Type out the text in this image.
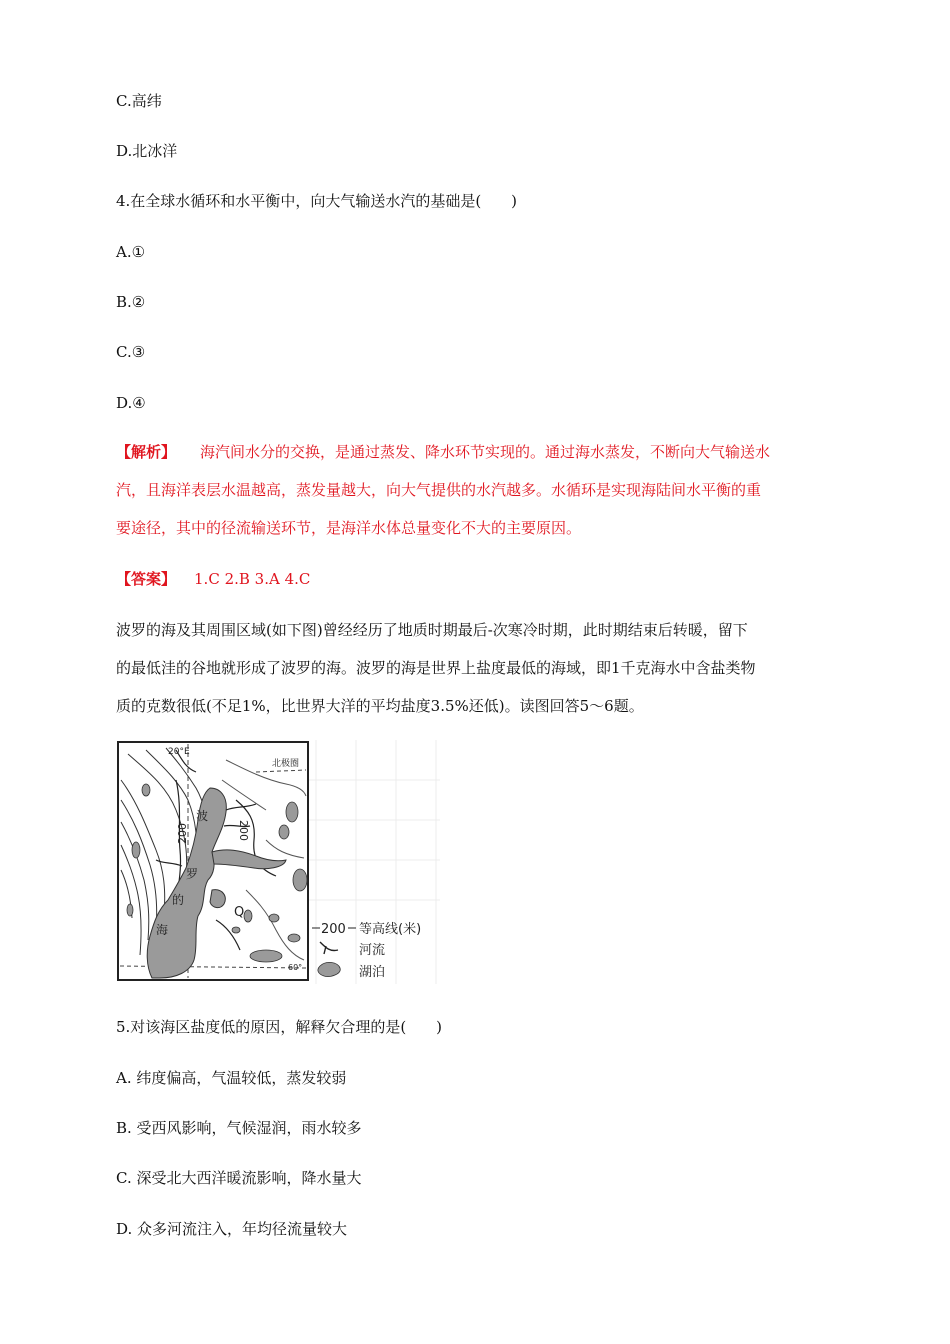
C.高纬
D.北冰洋
4.在全球水循环和水平衡中，向大气输送水汽的基础是(　　)
A.①
B.②
C.③
D.④
【解析】 海汽间水分的交换，是通过蒸发、降水环节实现的。通过海水蒸发，不断向大气输送水
汽，且海洋表层水温越高，蒸发量越大，向大气提供的水汽越多。水循环是实现海陆间水平衡的重
要途径，其中的径流输送环节，是海洋水体总量变化不大的主要原因。
【答案】 1.C 2.B 3.A 4.C
波罗的海及其周围区域(如下图)曾经经历了地质时期最后-次寒冷时期，此时期结束后转暖，留下
的最低洼的谷地就形成了波罗的海。波罗的海是世界上盐度最低的海域，即1千克海水中含盐类物
质的克数很低(不足1%，比世界大洋的平均盐度3.5%还低)。读图回答5～6题。
20°E
北极圈
200	200
波
罗
的
海
Q
60°
200 等高线(米)
河流
湖泊
5.对该海区盐度低的原因，解释欠合理的是(　　)
A. 纬度偏高，气温较低，蒸发较弱
B. 受西风影响，气候湿润，雨水较多
C. 深受北大西洋暖流影响，降水量大
D. 众多河流注入，年均径流量较大
